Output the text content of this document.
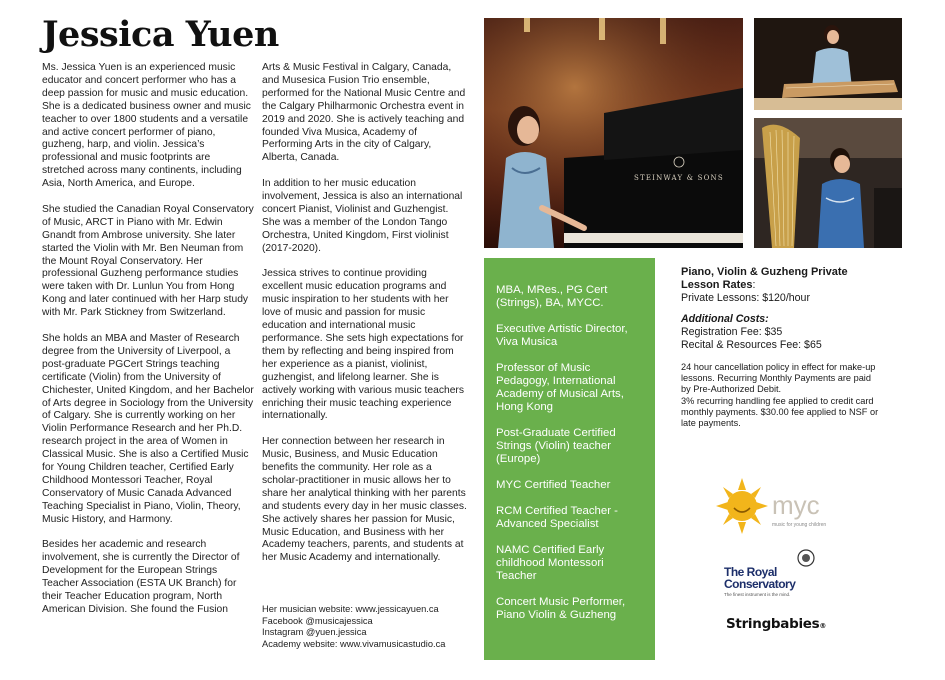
Jessica Yuen

Ms. Jessica Yuen is an experienced music educator and concert performer who has a deep passion for music and music education. She is a dedicated business owner and music teacher to over 1800 students and a versatile and active concert performer of piano, guzheng, harp, and violin. Jessica’s professional and music footprints are stretched across many continents, including Asia, North America, and Europe.

She studied the Canadian Royal Conservatory of Music, ARCT in Piano with Mr. Edwin Gnandt from Ambrose university. She later started the Violin with Mr. Ben Neuman from the Mount Royal Conservatory. Her professional Guzheng performance studies were taken with Dr. Lunlun You from Hong Kong and later continued with her Harp study with Mr. Park Stickney from Switzerland.

She holds an MBA and Master of Research degree from the University of Liverpool, a post-graduate PGCert Strings teaching certificate (Violin) from the University of Chichester, United Kingdom, and her Bachelor of Arts degree in Sociology from the University of Calgary. She is currently working on her Violin Performance Research and her Ph.D. research project in the area of Women in Classical Music. She is also a Certified Music for Young Children teacher, Certified Early Childhood Montessori Teacher, Royal Conservatory of Music Canada Advanced Teaching Specialist in Piano, Violin, Theory, Music History, and Harmony.

Besides her academic and research involvement, she is currently the Director of Development for the European Strings Teacher Association (ESTA UK Branch) for their Teacher Education program, North American Division. She found the Fusion

Arts & Music Festival in Calgary, Canada, and Musesica Fusion Trio ensemble, performed for the National Music Centre and the Calgary Philharmonic Orchestra event in 2019 and 2020. She is actively teaching and founded Viva Musica, Academy of Performing Arts in the city of Calgary, Alberta, Canada.

In addition to her music education involvement, Jessica is also an international concert Pianist, Violinist and Guzhengist. She was a member of the London Tango Orchestra, United Kingdom, First violinist (2017-2020).

Jessica strives to continue providing excellent music education programs and music inspiration to her students with her love of music and passion for music education and international music performance. She sets high expectations for them by reflecting and being inspired from her experience as a pianist, violinist, guzhengist, and lifelong learner. She is actively working with various music teachers enriching their music teaching experience internationally.

Her connection between her research in Music, Business, and Music Education benefits the community. Her role as a scholar-practitioner in music allows her to share her analytical thinking with her parents and students every day in her music classes. She actively shares her passion for Music, Music Education, and Business with her Academy teachers, parents, and students at her Music Academy and internationally.

Her musician website: www.jessicayuen.ca
Facebook @musicajessica
Instagram @yuen.jessica
Academy website: www.vivamusicastudio.ca
STEINWAY & SONS

MBA, MRes., PG Cert (Strings), BA, MYCC.

Executive Artistic Director, Viva Musica

Professor of Music Pedagogy, International Academy of Musical Arts, Hong Kong

Post-Graduate Certified Strings (Violin) teacher (Europe)

MYC Certified Teacher

RCM Certified Teacher - Advanced Specialist

NAMC Certified Early childhood Montessori Teacher

Concert Music Performer, Piano Violin & Guzheng

Piano, Violin & Guzheng Private Lesson Rates:
Private Lessons: $120/hour
Additional Costs:
Registration Fee: $35
Recital & Resources Fee: $65
24 hour cancellation policy in effect for make-up lessons. Recurring Monthly Payments are paid by Pre-Authorized Debit.
3% recurring handling fee applied to credit card monthly payments. $30.00 fee applied to NSF or late payments.
myc
music for young children
The Royal
Conservatory
The finest instrument is the mind.
Stringbabies®
